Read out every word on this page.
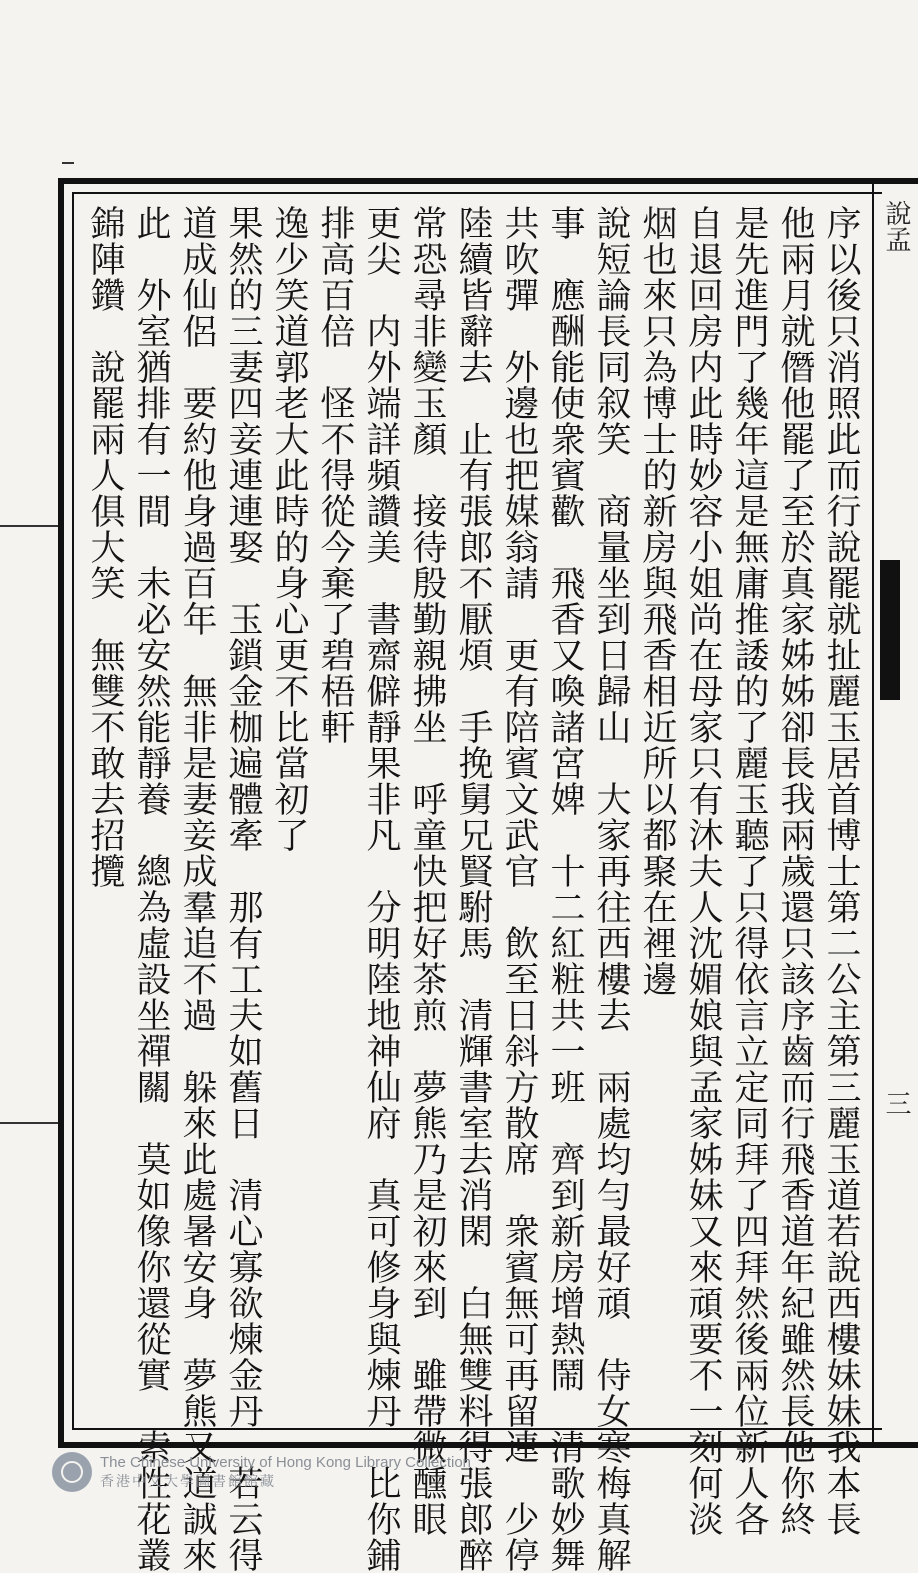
說孟
三
序以後只消照此而行說罷就扯麗玉居首博士第二公主第三麗玉道若說西樓妹妹我本長
他兩月就僭他罷了至於真家姊姊卻長我兩歲還只該序齒而行飛香道年紀雖然長他你終
是先進門了幾年這是無庸推諉的了麗玉聽了只得依言立定同拜了四拜然後兩位新人各
自退回房内此時妙容小姐尚在母家只有沐夫人沈媚娘與孟家姊妹又來頑要不一刻何淡
烟也來只為博士的新房與飛香相近所以都聚在裡邊
說短論長同叙笑　商量坐到日歸山　大家再往西樓去　兩處均勻最好頑　侍女寒梅真解
事　應酬能使衆賓歡　飛香又喚諸宮婢　十二紅粧共一班　齊到新房增熱鬧　清歌妙舞
共吹彈　外邊也把媒翁請　更有陪賓文武官　飲至日斜方散席　衆賓無可再留連　少停
陸續皆辭去　止有張郎不厭煩　手挽舅兄賢駙馬　清輝書室去消閑　白無雙料得張郎醉
常恐尋非變玉顏　接待殷勤親拂坐　呼童快把好茶煎　夢熊乃是初來到　雖帶微醺眼
更尖　内外端詳頻讚美　書齋僻靜果非凡　分明陸地神仙府　真可修身與煉丹　比你鋪
排高百倍　怪不得從今棄了碧梧軒
逸少笑道郭老大此時的身心更不比當初了
果然的三妻四妾連連娶　玉鎖金枷遍體牽　那有工夫如舊日　清心寡欲煉金丹　若云得
道成仙侶　要約他身過百年　無非是妻妾成羣追不過　躲來此處暑安身　夢熊又道誠來
此　外室猶排有一間　未必安然能靜養　總為虛設坐禪關　莫如像你還從實　索性花叢
錦陣鑽　說罷兩人俱大笑　無雙不敢去招攬
The Chinese University of Hong Kong Library Collection
香港中文大學圖書館館藏
